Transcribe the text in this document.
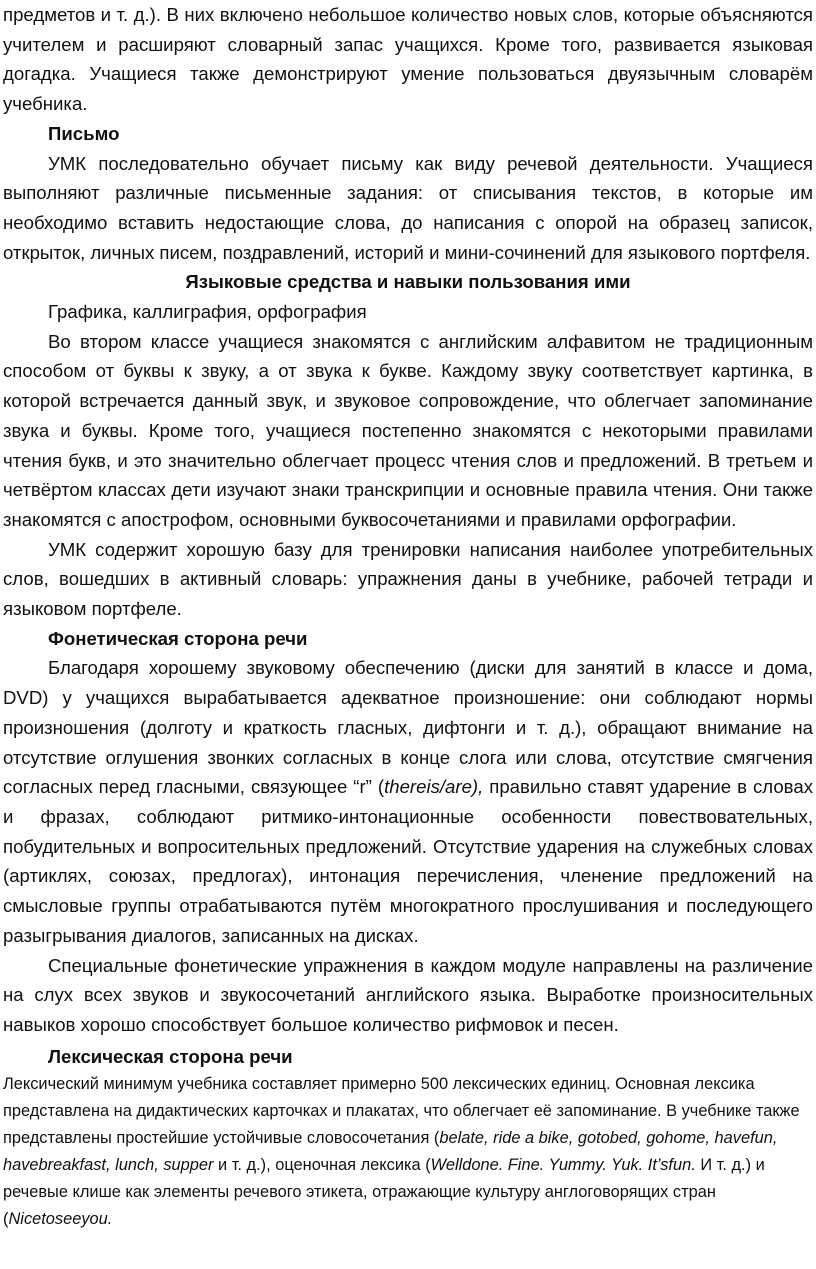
предметов и т. д.). В них включено небольшое количество новых слов, которые объясняются учителем и расширяют словарный запас учащихся. Кроме того, развивается языковая догадка. Учащиеся также демонстрируют умение пользоваться двуязычным словарём учебника.

Письмо

УМК последовательно обучает письму как виду речевой деятельности. Учащиеся выполняют различные письменные задания: от списывания текстов, в которые им необходимо вставить недостающие слова, до написания с опорой на образец записок, открыток, личных писем, поздравлений, историй и мини-сочинений для языкового портфеля.

Языковые средства и навыки пользования ими

Графика, каллиграфия, орфография

Во втором классе учащиеся знакомятся с английским алфавитом не традиционным способом от буквы к звуку, а от звука к букве. Каждому звуку соответствует картинка, в которой встречается данный звук, и звуковое сопровождение, что облегчает запоминание звука и буквы. Кроме того, учащиеся постепенно знакомятся с некоторыми правилами чтения букв, и это значительно облегчает процесс чтения слов и предложений. В третьем и четвёртом классах дети изучают знаки транскрипции и основные правила чтения. Они также знакомятся с апострофом, основными буквосочетаниями и правилами орфографии.

УМК содержит хорошую базу для тренировки написания наиболее употребительных слов, вошедших в активный словарь: упражнения даны в учебнике, рабочей тетради и языковом портфеле.

Фонетическая сторона речи

Благодаря хорошему звуковому обеспечению (диски для занятий в классе и дома, DVD) у учащихся вырабатывается адекватное произношение: они соблюдают нормы произношения (долготу и краткость гласных, дифтонги и т. д.), обращают внимание на отсутствие оглушения звонких согласных в конце слога или слова, отсутствие смягчения согласных перед гласными, связующее “r” (thereis/are), правильно ставят ударение в словах и фразах, соблюдают ритмико-интонационные особенности повествовательных, побудительных и вопросительных предложений. Отсутствие ударения на служебных словах (артиклях, союзах, предлогах), интонация перечисления, членение предложений на смысловые группы отрабатываются путём многократного прослушивания и последующего разыгрывания диалогов, записанных на дисках.

Специальные фонетические упражнения в каждом модуле направлены на различение на слух всех звуков и звукосочетаний английского языка. Выработке произносительных навыков хорошо способствует большое количество рифмовок и песен.

Лексическая сторона речи

Лексический минимум учебника составляет примерно 500 лексических единиц. Основная лексика представлена на дидактических карточках и плакатах, что облегчает её запоминание. В учебнике также представлены простейшие устойчивые словосочетания (belate, ride a bike, gotobed, gohome, havefun, havebreakfast, lunch, supper и т. д.), оценочная лексика (Welldone. Fine. Yummy. Yuk. It’sfun. И т. д.) и речевые клише как элементы речевого этикета, отражающие культуру англоговорящих стран (Nicetoseeyou.
